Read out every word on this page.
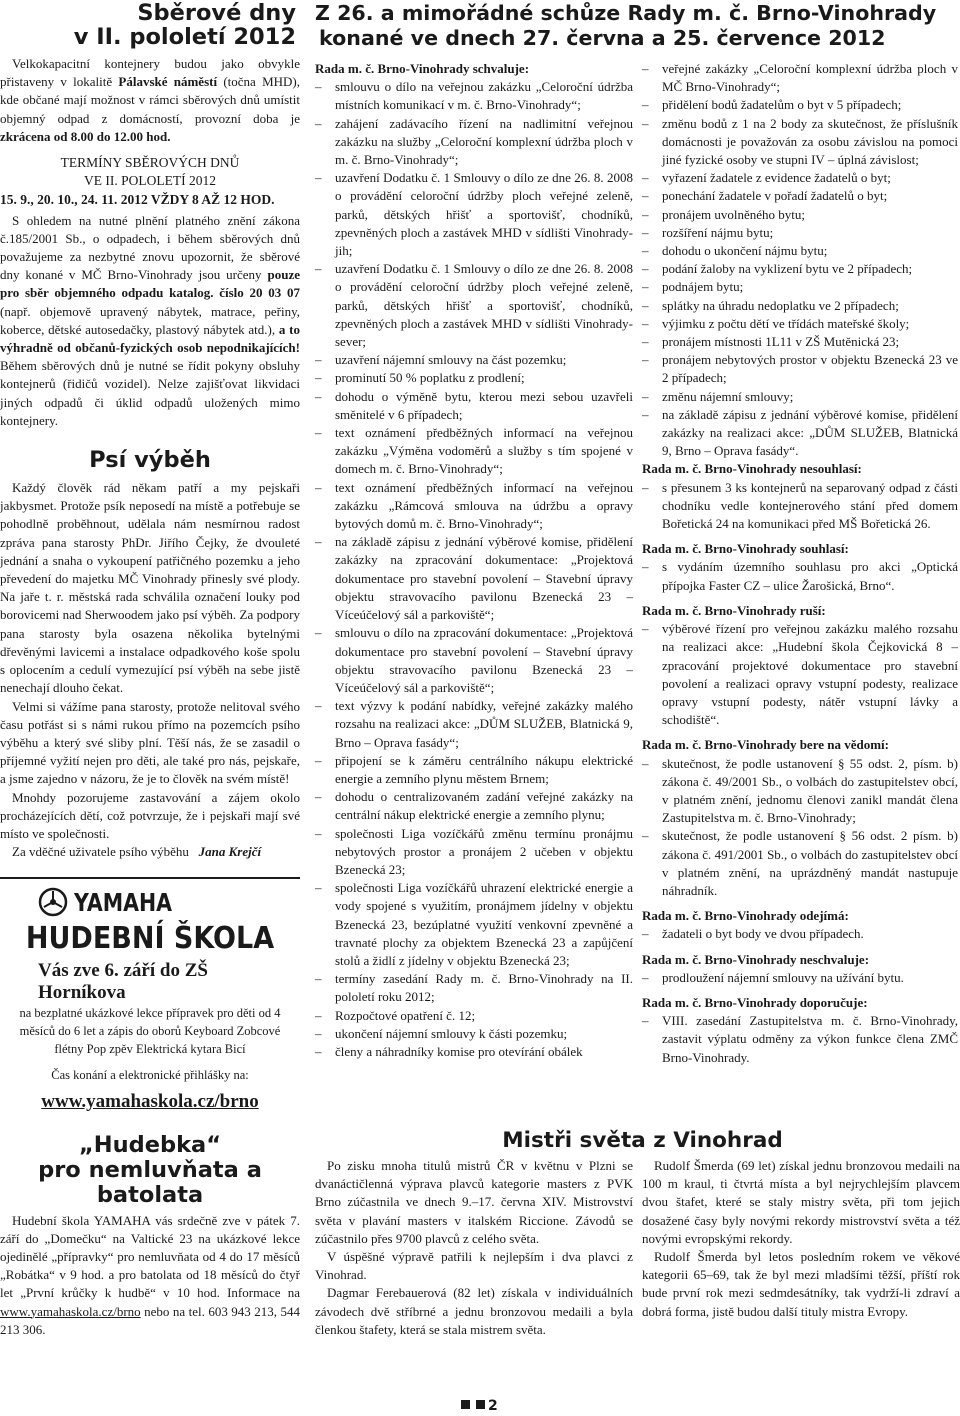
Sběrové dny
v II. pololetí 2012

Velkokapacitní kontejnery budou jako obvykle přistaveny v lokalitě Pálavské náměstí (točna MHD), kde občané mají možnost v rámci sběrových dnů umístit objemný odpad z domácností, provozní doba je zkrácena od 8.00 do 12.00 hod.

TERMÍNY SBĚROVÝCH DNŮ
VE II. POLOLETÍ 2012

15. 9., 20. 10., 24. 11. 2012 VŽDY 8 AŽ 12 HOD.

S ohledem na nutné plnění platného znění zákona č.185/2001 Sb., o odpadech, i během sběrových dnů považujeme za nezbytné znovu upozornit, že sběrové dny konané v MČ Brno-Vinohrady jsou určeny pouze pro sběr objemného odpadu katalog. číslo 20 03 07 (např. objemově upravený nábytek, matrace, peřiny, koberce, dětské autosedačky, plastový nábytek atd.), a to výhradně od občanů-fyzických osob nepodnikajících! Během sběrových dnů je nutné se řídit pokyny obsluhy kontejnerů (řidičů vozidel). Nelze zajišťovat likvidaci jiných odpadů či úklid odpadů uložených mimo kontejnery.

Psí výběh

Každý člověk rád někam patří a my pejskaři jakbysmet. Protože psík neposedí na místě a potřebuje se pohodlně proběhnout, udělala nám nesmírnou radost zpráva pana starosty PhDr. Jiřího Čejky, že dvouleté jednání a snaha o vykoupení patřičného pozemku a jeho převedení do majetku MČ Vinohrady přinesly své plody. Na jaře t. r. městská rada schválila označení louky pod borovicemi nad Sherwoodem jako psí výběh. Za podpory pana starosty byla osazena několika bytelnými dřevěnými lavicemi a instalace odpadkového koše spolu s oplocením a cedulí vymezující psí výběh na sebe jistě nenechají dlouho čekat.

Velmi si vážíme pana starosty, protože nelitoval svého času potřást si s námi rukou přímo na pozemcích psího výběhu a který své sliby plní. Těší nás, že se zasadil o příjemné vyžití nejen pro děti, ale také pro nás, pejskaře, a jsme zajedno v názoru, že je to člověk na svém místě!

Mnohdy pozorujeme zastavování a zájem okolo procházejících dětí, což potvrzuje, že i pejskaři mají své místo ve společnosti.

Za vděčné uživatele psího výběhu Jana Krejčí

YAMAHA
HUDEBNÍ ŠKOLA
Vás zve 6. září do ZŠ Horníkova

na bezplatné ukázkové lekce přípravek pro děti od 4 měsíců do 6 let a zápis do oborů Keyboard Zobcové flétny Pop zpěv Elektrická kytara Bicí

Čas konání a elektronické přihlášky na:

www.yamahaskola.cz/brno
„Hudebka“
pro nemluvňata a batolata

Hudební škola YAMAHA vás srdečně zve v pátek 7. září do „Domečku“ na Valtické 23 na ukázkové lekce ojedinělé „přípravky“ pro nemluvňata od 4 do 17 měsíců „Robátka“ v 9 hod. a pro batolata od 18 měsíců do čtyř let „První krůčky k hudbě“ v 10 hod. Informace na www.yamahaskola.cz/brno nebo na tel. 603 943 213, 544 213 306.

Z 26. a mimořádné schůze Rady m. č. Brno-Vinohrady
konané ve dnech 27. června a 25. července 2012

Rada m. č. Brno-Vinohrady schvaluje:

– smlouvu o dílo na veřejnou zakázku „Celoroční údržba místních komunikací v m. č. Brno-Vinohrady“;
– zahájení zadávacího řízení na nadlimitní veřejnou zakázku na služby „Celoroční komplexní údržba ploch v m. č. Brno-Vinohrady“;
– uzavření Dodatku č. 1 Smlouvy o dílo ze dne 26. 8. 2008 o provádění celoroční údržby ploch veřejné zeleně, parků, dětských hřišť a sportovišť, chodníků, zpevněných ploch a zastávek MHD v sídlišti Vinohrady-jih;
– uzavření Dodatku č. 1 Smlouvy o dílo ze dne 26. 8. 2008 o provádění celoroční údržby ploch veřejné zeleně, parků, dětských hřišť a sportovišť, chodníků, zpevněných ploch a zastávek MHD v sídlišti Vinohrady-sever;
– uzavření nájemní smlouvy na část pozemku;
– prominutí 50 % poplatku z prodlení;
– dohodu o výměně bytu, kterou mezi sebou uzavřeli směnitelé v 6 případech;
– text oznámení předběžných informací na veřejnou zakázku „Výměna vodoměrů a služby s tím spojené v domech m. č. Brno-Vinohrady“;
– text oznámení předběžných informací na veřejnou zakázku „Rámcová smlouva na údržbu a opravy bytových domů m. č. Brno-Vinohrady“;
– na základě zápisu z jednání výběrové komise, přidělení zakázky na zpracování dokumentace: „Projektová dokumentace pro stavební povolení – Stavební úpravy objektu stravovacího pavilonu Bzenecká 23 – Víceúčelový sál a parkoviště“;
– smlouvu o dílo na zpracování dokumentace: „Projektová dokumentace pro stavební povolení – Stavební úpravy objektu stravovacího pavilonu Bzenecká 23 – Víceúčelový sál a parkoviště“;
– text výzvy k podání nabídky, veřejné zakázky malého rozsahu na realizaci akce: „DŮM SLUŽEB, Blatnická 9, Brno – Oprava fasády“;
– připojení se k záměru centrálního nákupu elektrické energie a zemního plynu městem Brnem;
– dohodu o centralizovaném zadání veřejné zakázky na centrální nákup elektrické energie a zemního plynu;
– společnosti Liga vozíčkářů změnu termínu pronájmu nebytových prostor a pronájem 2 učeben v objektu Bzenecká 23;
– společnosti Liga vozíčkářů uhrazení elektrické energie a vody spojené s využitím, pronájmem jídelny v objektu Bzenecká 23, bezúplatné využití venkovní zpevněné a travnaté plochy za objektem Bzenecká 23 a zapůjčení stolů a židlí z jídelny v objektu Bzenecká 23;
– termíny zasedání Rady m. č. Brno-Vinohrady na II. pololetí roku 2012;
– Rozpočtové opatření č. 12;
– ukončení nájemní smlouvy k části pozemku;
– členy a náhradníky komise pro otevírání obálek
– veřejné zakázky „Celoroční komplexní údržba ploch v MČ Brno-Vinohrady“;
– přidělení bodů žadatelům o byt v 5 případech;
– změnu bodů z 1 na 2 body za skutečnost, že příslušník domácnosti je považován za osobu závislou na pomoci jiné fyzické osoby ve stupni IV – úplná závislost;
– vyřazení žadatele z evidence žadatelů o byt;
– ponechání žadatele v pořadí žadatelů o byt;
– pronájem uvolněného bytu;
– rozšíření nájmu bytu;
– dohodu o ukončení nájmu bytu;
– podání žaloby na vyklizení bytu ve 2 případech;
– podnájem bytu;
– splátky na úhradu nedoplatku ve 2 případech;
– výjimku z počtu dětí ve třídách mateřské školy;
– pronájem místnosti 1L11 v ZŠ Mutěnická 23;
– pronájem nebytových prostor v objektu Bzenecká 23 ve 2 případech;
– změnu nájemní smlouvy;
– na základě zápisu z jednání výběrové komise, přidělení zakázky na realizaci akce: „DŮM SLUŽEB, Blatnická 9, Brno – Oprava fasády“.

Rada m. č. Brno-Vinohrady nesouhlasí:

– s přesunem 3 ks kontejnerů na separovaný odpad z části chodníku vedle kontejnerového stání před domem Bořetická 24 na komunikaci před MŠ Bořetická 26.

Rada m. č. Brno-Vinohrady souhlasí:

– s vydáním územního souhlasu pro akci „Optická přípojka Faster CZ – ulice Žarošická, Brno“.

Rada m. č. Brno-Vinohrady ruší:

– výběrové řízení pro veřejnou zakázku malého rozsahu na realizaci akce: „Hudební škola Čejkovická 8 – zpracování projektové dokumentace pro stavební povolení a realizaci opravy vstupní podesty, realizace opravy vstupní podesty, nátěr vstupní lávky a schodiště“.

Rada m. č. Brno-Vinohrady bere na vědomí:

– skutečnost, že podle ustanovení § 55 odst. 2, písm. b) zákona č. 49/2001 Sb., o volbách do zastupitelstev obcí, v platném znění, jednomu členovi zanikl mandát člena Zastupitelstva m. č. Brno-Vinohrady;
– skutečnost, že podle ustanovení § 56 odst. 2 písm. b) zákona č. 491/2001 Sb., o volbách do zastupitelstev obcí v platném znění, na uprázdněný mandát nastupuje náhradník.

Rada m. č. Brno-Vinohrady odejímá:

– žadateli o byt body ve dvou případech.

Rada m. č. Brno-Vinohrady neschvaluje:

– prodloužení nájemní smlouvy na užívání bytu.

Rada m. č. Brno-Vinohrady doporučuje:

– VIII. zasedání Zastupitelstva m. č. Brno-Vinohrady, zastavit výplatu odměny za výkon funkce člena ZMČ Brno-Vinohrady.
Mistři světa z Vinohrad

Po zisku mnoha titulů mistrů ČR v květnu v Plzni se dvanáctičlenná výprava plavců kategorie masters z PVK Brno zúčastnila ve dnech 9.–17. června XIV. Mistrovství světa v plavání masters v italském Riccione. Závodů se zúčastnilo přes 9700 plavců z celého světa.

V úspěšné výpravě patřili k nejlepším i dva plavci z Vinohrad.

Dagmar Ferebauerová (82 let) získala v individuálních závodech dvě stříbrné a jednu bronzovou medaili a byla členkou štafety, která se stala mistrem světa.

Rudolf Šmerda (69 let) získal jednu bronzovou medaili na 100 m kraul, ti čtvrtá místa a byl nejrychlejším plavcem dvou štafet, které se staly mistry světa, při tom jejich dosažené časy byly novými rekordy mistrovství světa a též novými evropskými rekordy.

Rudolf Šmerda byl letos posledním rokem ve věkové kategorii 65–69, tak že byl mezi mladšími těžší, příští rok bude první rok mezi sedmdesátníky, tak vydrží-li zdraví a dobrá forma, jistě budou další tituly mistra Evropy.

2
